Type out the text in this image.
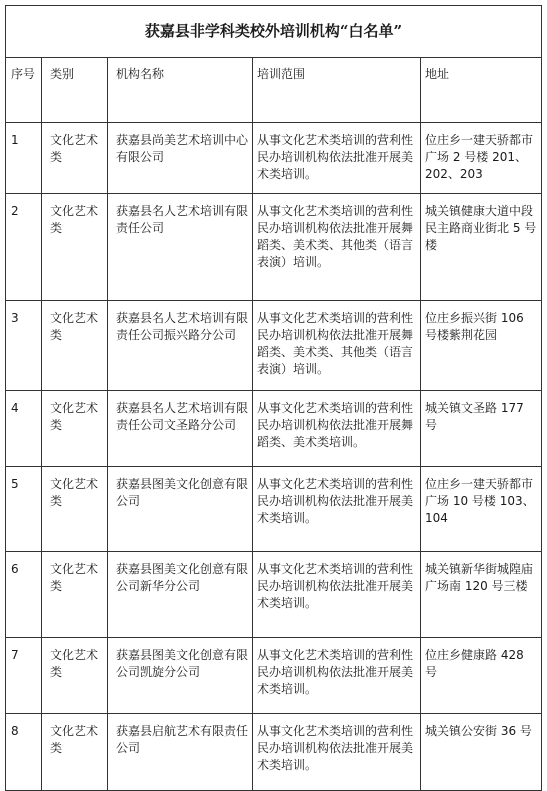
获嘉县非学科类校外培训机构“白名单”				
序号	类别	机构名称	培训范围	地址
1	文化艺术类	获嘉县尚美艺术培训中心有限公司	从事文化艺术类培训的营利性民办培训机构依法批准开展美术类培训。	位庄乡一建天骄都市广场 2 号楼 201、202、203
2	文化艺术类	获嘉县名人艺术培训有限责任公司	从事文化艺术类培训的营利性民办培训机构依法批准开展舞蹈类、美术类、其他类（语言表演）培训。	城关镇健康大道中段民主路商业街北 5 号楼
3	文化艺术类	获嘉县名人艺术培训有限责任公司振兴路分公司	从事文化艺术类培训的营利性民办培训机构依法批准开展舞蹈类、美术类、其他类（语言表演）培训。	位庄乡振兴街 106 号楼紫荆花园
4	文化艺术类	获嘉县名人艺术培训有限责任公司文圣路分公司	从事文化艺术类培训的营利性民办培训机构依法批准开展舞蹈类、美术类培训。	城关镇文圣路 177 号
5	文化艺术类	获嘉县图美文化创意有限公司	从事文化艺术类培训的营利性民办培训机构依法批准开展美术类培训。	位庄乡一建天骄都市广场 10 号楼 103、104
6	文化艺术类	获嘉县图美文化创意有限公司新华分公司	从事文化艺术类培训的营利性民办培训机构依法批准开展美术类培训。	城关镇新华街城隍庙广场南 120 号三楼
7	文化艺术类	获嘉县图美文化创意有限公司凯旋分公司	从事文化艺术类培训的营利性民办培训机构依法批准开展美术类培训。	位庄乡健康路 428 号
8	文化艺术类	获嘉县启航艺术有限责任公司	从事文化艺术类培训的营利性民办培训机构依法批准开展美术类培训。	城关镇公安街 36 号
